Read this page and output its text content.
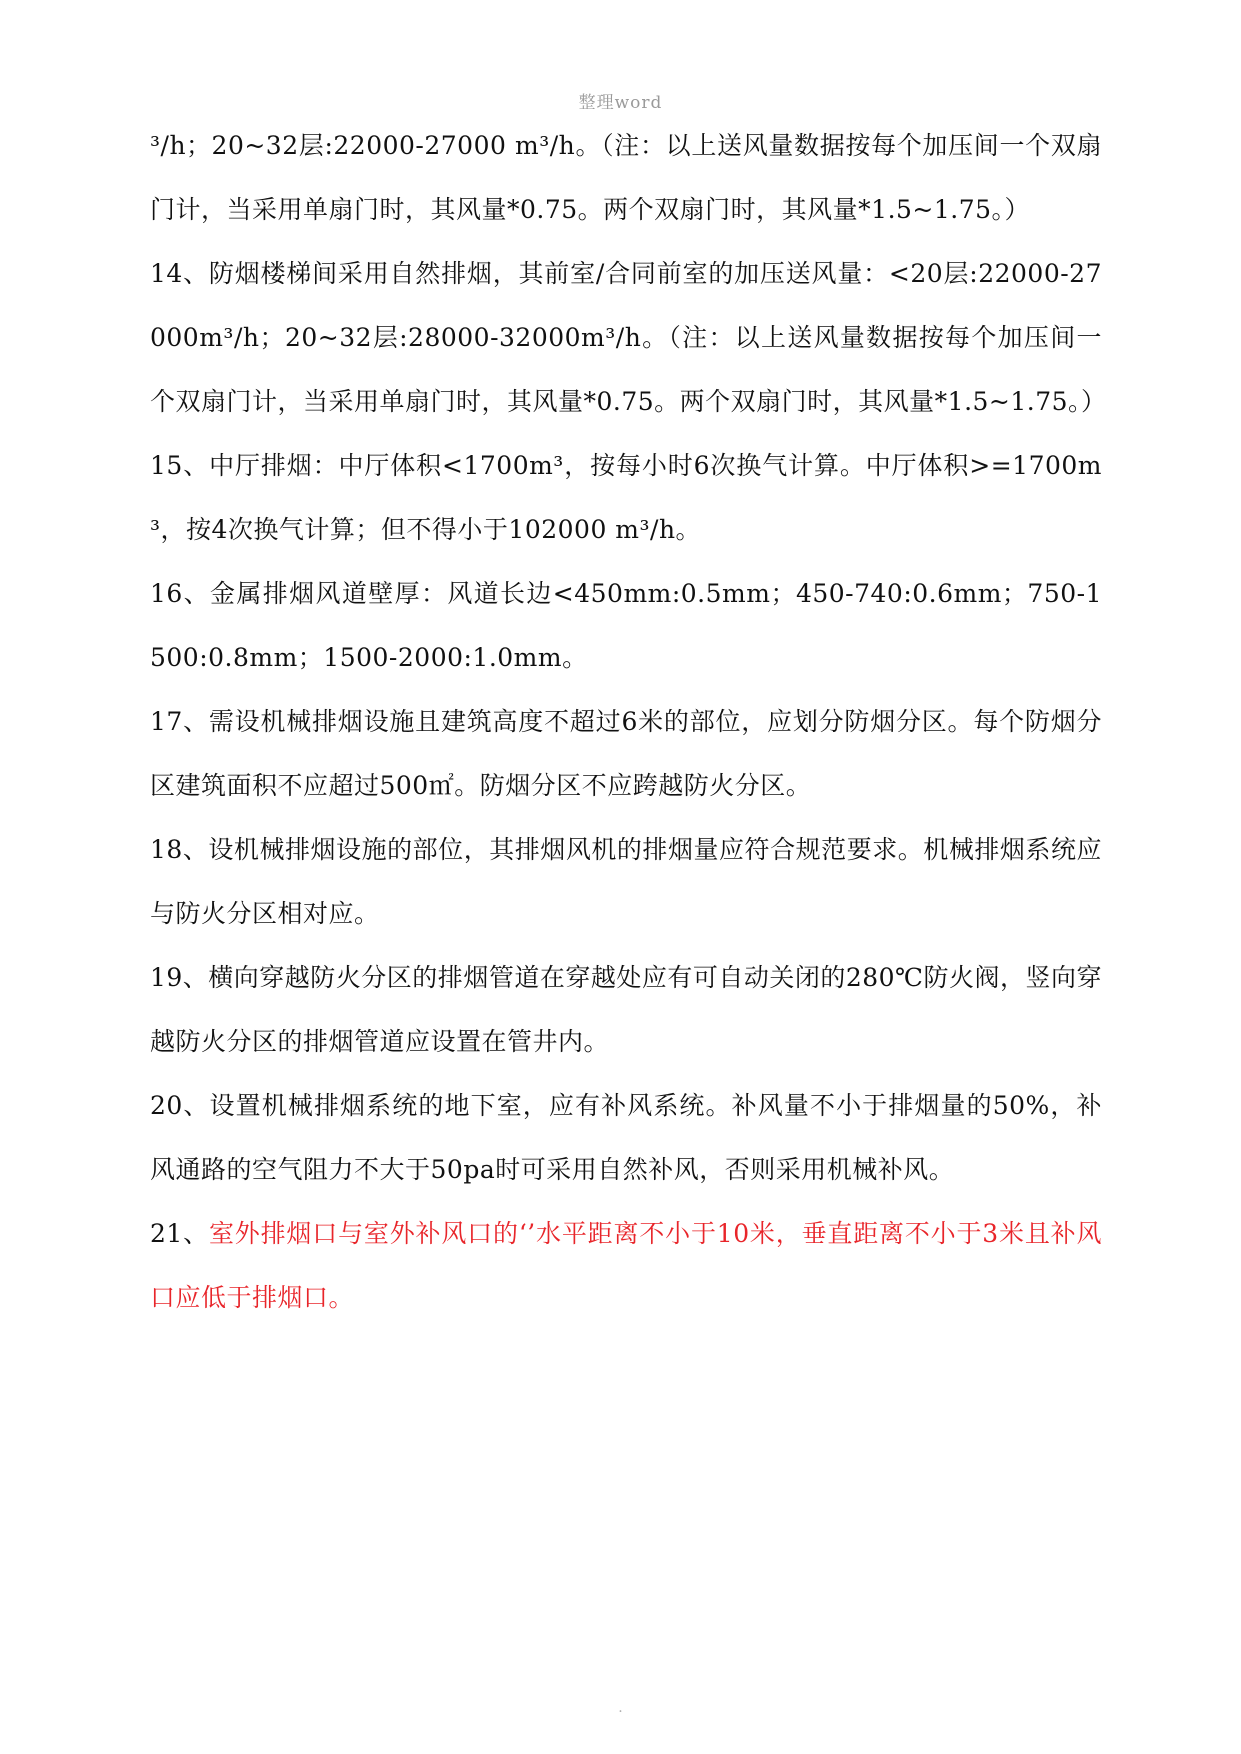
整理word

³/h；20~32层:22000-27000 m³/h。（注：以上送风量数据按每个加压间一个双扇门计，当采用单扇门时，其风量*0.75。两个双扇门时，其风量*1.5~1.75。）

14、防烟楼梯间采用自然排烟，其前室/合同前室的加压送风量：<20层:22000-27000m³/h；20~32层:28000-32000m³/h。（注：以上送风量数据按每个加压间一个双扇门计，当采用单扇门时，其风量*0.75。两个双扇门时，其风量*1.5~1.75。）

15、中厅排烟：中厅体积<1700m³，按每小时6次换气计算。中厅体积>=1700m³，按4次换气计算；但不得小于102000 m³/h。

16、金属排烟风道壁厚：风道长边<450mm:0.5mm；450-740:0.6mm；750-1500:0.8mm；1500-2000:1.0mm。

17、需设机械排烟设施且建筑高度不超过6米的部位，应划分防烟分区。每个防烟分区建筑面积不应超过500㎡。防烟分区不应跨越防火分区。

18、设机械排烟设施的部位，其排烟风机的排烟量应符合规范要求。机械排烟系统应与防火分区相对应。

19、横向穿越防火分区的排烟管道在穿越处应有可自动关闭的280℃防火阀，竖向穿越防火分区的排烟管道应设置在管井内。

20、设置机械排烟系统的地下室，应有补风系统。补风量不小于排烟量的50%，补风通路的空气阻力不大于50pa时可采用自然补风，否则采用机械补风。

21、室外排烟口与室外补风口的‘’水平距离不小于10米，垂直距离不小于3米且补风口应低于排烟口。

.
